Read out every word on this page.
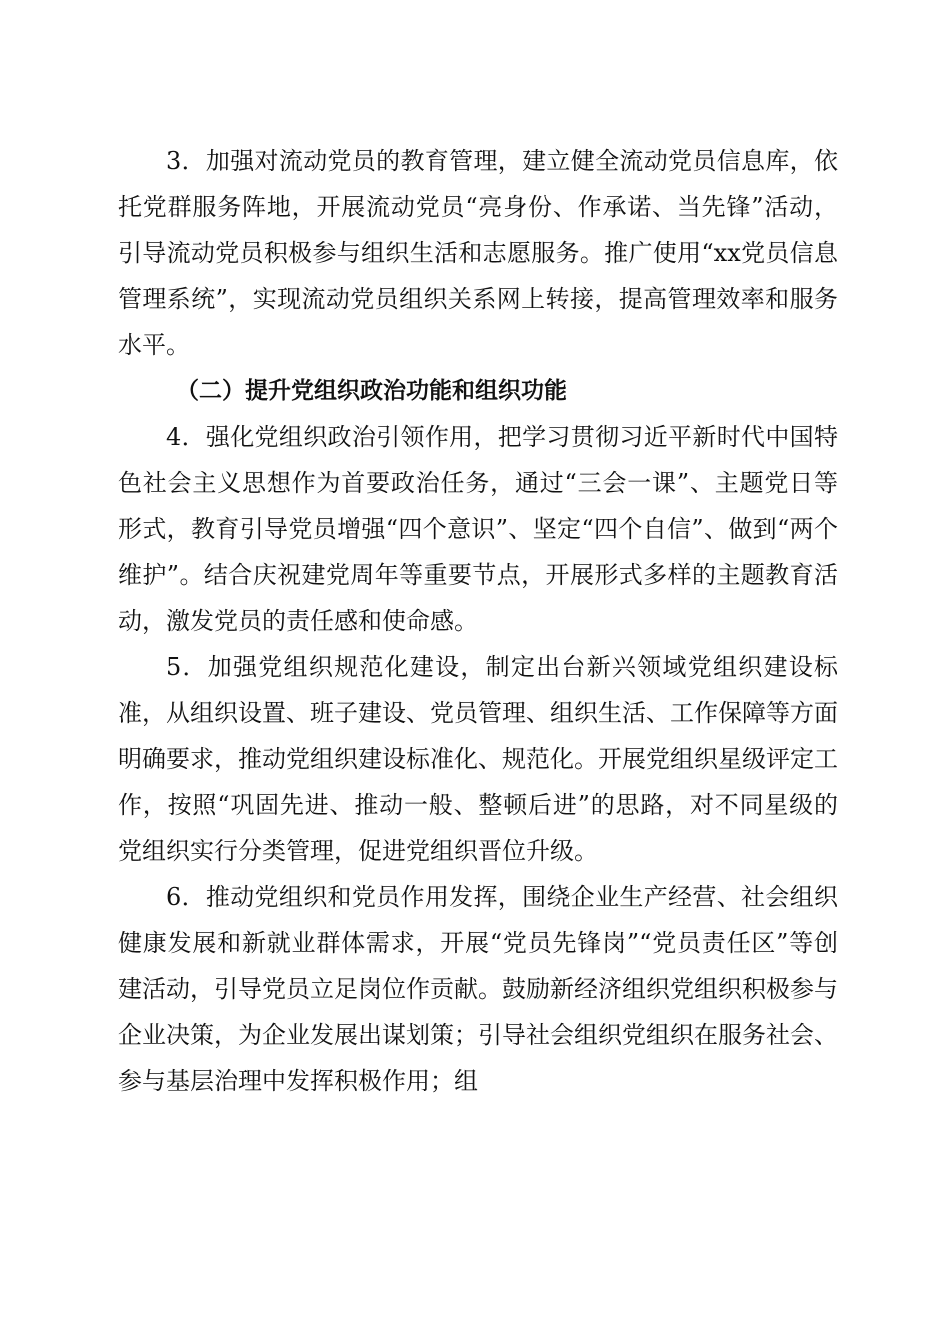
3．加强对流动党员的教育管理，建立健全流动党员信息库，依托党群服务阵地，开展流动党员“亮身份、作承诺、当先锋”活动，引导流动党员积极参与组织生活和志愿服务。推广使用“xx党员信息管理系统”，实现流动党员组织关系网上转接，提高管理效率和服务水平。

（二）提升党组织政治功能和组织功能

4．强化党组织政治引领作用，把学习贯彻习近平新时代中国特色社会主义思想作为首要政治任务，通过“三会一课”、主题党日等形式，教育引导党员增强“四个意识”、坚定“四个自信”、做到“两个维护”。结合庆祝建党周年等重要节点，开展形式多样的主题教育活动，激发党员的责任感和使命感。

5．加强党组织规范化建设，制定出台新兴领域党组织建设标准，从组织设置、班子建设、党员管理、组织生活、工作保障等方面明确要求，推动党组织建设标准化、规范化。开展党组织星级评定工作，按照“巩固先进、推动一般、整顿后进”的思路，对不同星级的党组织实行分类管理，促进党组织晋位升级。

6．推动党组织和党员作用发挥，围绕企业生产经营、社会组织健康发展和新就业群体需求，开展“党员先锋岗”“党员责任区”等创建活动，引导党员立足岗位作贡献。鼓励新经济组织党组织积极参与企业决策，为企业发展出谋划策；引导社会组织党组织在服务社会、参与基层治理中发挥积极作用；组
